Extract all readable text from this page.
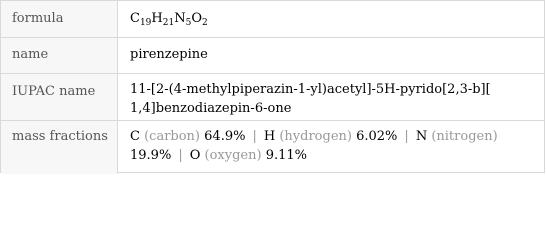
formula	$C_{19}H_{21}N_5O_2$
name	pirenzepine
IUPAC name	11-[2-(4-methylpiperazin-1-yl)acetyl]-5H-pyrido[2,3-b][
1,4]benzodiazepin-6-one
mass fractions	C (carbon) 64.9% | H (hydrogen) 6.02% | N (nitrogen)
19.9% | O (oxygen) 9.11%
